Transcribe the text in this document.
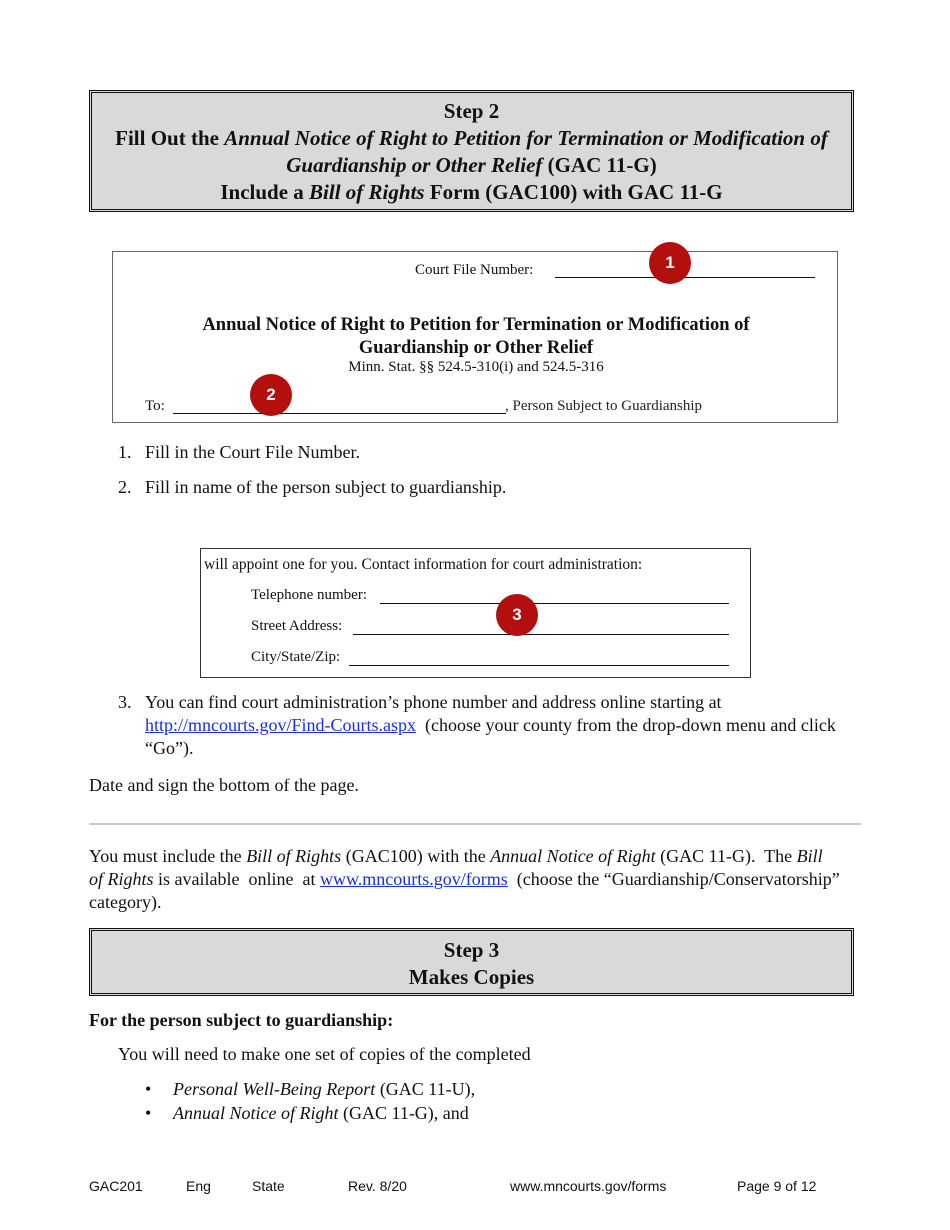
Step 2
Fill Out the Annual Notice of Right to Petition for Termination or Modification of
Guardianship or Other Relief (GAC 11-G)
Include a Bill of Rights Form (GAC100) with GAC 11-G
Court File Number:
Annual Notice of Right to Petition for Termination or Modification of
Guardianship or Other Relief
Minn. Stat. §§ 524.5-310(i) and 524.5-316
To:	, Person Subject to Guardianship
1
2
1. Fill in the Court File Number.
2. Fill in name of the person subject to guardianship.
will appoint one for you. Contact information for court administration:
Telephone number:
Street Address:
City/State/Zip:
3
3. You can find court administration’s phone number and address online starting at
http://mncourts.gov/Find-Courts.aspx  (choose your county from the drop-down menu and click
“Go”).
Date and sign the bottom of the page.
You must include the Bill of Rights (GAC100) with the Annual Notice of Right (GAC 11-G).  The Bill
of Rights is available  online  at www.mncourts.gov/forms  (choose the “Guardianship/Conservatorship”
category).
Step 3
Makes Copies
For the person subject to guardianship:
You will need to make one set of copies of the completed
• Personal Well-Being Report (GAC 11-U),
• Annual Notice of Right (GAC 11-G), and
GAC201	Eng	State	Rev. 8/20	www.mncourts.gov/forms	Page 9 of 12
